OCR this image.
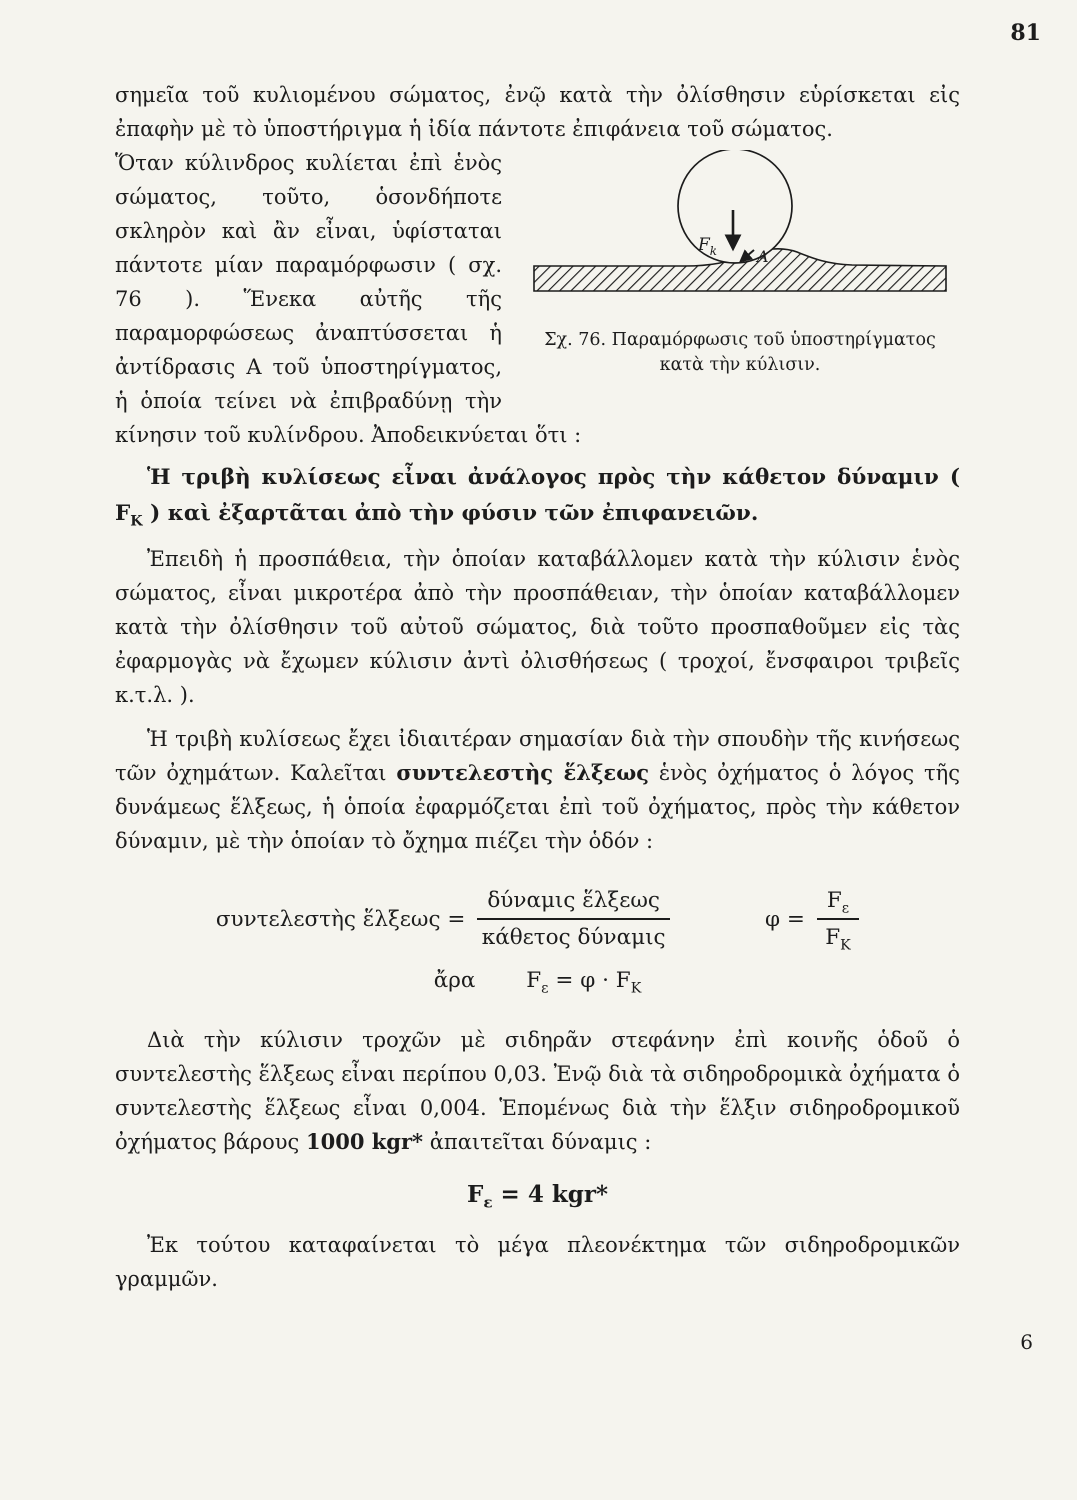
81

σημεῖα τοῦ κυλιομένου σώματος, ἐνῷ κατὰ τὴν ὀλίσθησιν εὑρίσκεται εἰς ἐπαφὴν μὲ τὸ ὑποστήριγμα ἡ ἰδία πάντοτε ἐπιφάνεια τοῦ σώματος.

$F_k$ A
Σχ. 76. Παραμόρφωσις τοῦ ὑποστηρίγματος κατὰ τὴν κύλισιν.

Ὅταν κύλινδρος κυλίεται ἐπὶ ἑνὸς σώματος, τοῦτο, ὁσονδήποτε σκληρὸν καὶ ἂν εἶναι, ὑφίσταται πάντοτε μίαν παραμόρφωσιν ( σχ. 76 ). Ἕνεκα αὐτῆς τῆς παραμορφώσεως ἀναπτύσσεται ἡ ἀντίδρασις Α τοῦ ὑποστηρίγματος, ἡ ὁποία τείνει νὰ ἐπιβραδύνῃ τὴν κίνησιν τοῦ κυλίνδρου. Ἀποδεικνύεται ὅτι :

Ἡ τριβὴ κυλίσεως εἶναι ἀνάλογος πρὸς τὴν κάθετον δύναμιν ( $F_K$ ) καὶ ἐξαρτᾶται ἀπὸ τὴν φύσιν τῶν ἐπιφανειῶν.

Ἐπειδὴ ἡ προσπάθεια, τὴν ὁποίαν καταβάλλομεν κατὰ τὴν κύλισιν ἑνὸς σώματος, εἶναι μικροτέρα ἀπὸ τὴν προσπάθειαν, τὴν ὁποίαν καταβάλλομεν κατὰ τὴν ὀλίσθησιν τοῦ αὐτοῦ σώματος, διὰ τοῦτο προσπαθοῦμεν εἰς τὰς ἐφαρμογὰς νὰ ἔχωμεν κύλισιν ἀντὶ ὀλισθήσεως ( τροχοί, ἔνσφαιροι τριβεῖς κ.τ.λ. ).

Ἡ τριβὴ κυλίσεως ἔχει ἰδιαιτέραν σημασίαν διὰ τὴν σπουδὴν τῆς κινήσεως τῶν ὀχημάτων. Καλεῖται συντελεστὴς ἕλξεως ἑνὸς ὀχήματος ὁ λόγος τῆς δυνάμεως ἕλξεως, ἡ ὁποία ἐφαρμόζεται ἐπὶ τοῦ ὀχήματος, πρὸς τὴν κάθετον δύναμιν, μὲ τὴν ὁποίαν τὸ ὄχημα πιέζει τὴν ὁδόν :

συντελεστὴς ἕλξεως = $\frac{\text{δύναμις ἕλξεως}}{\text{κάθετος δύναμις}}$	$\varphi = \frac{F_\varepsilon}{F_K}$
ἄρα $F_\varepsilon = \varphi \cdot F_K$

Διὰ τὴν κύλισιν τροχῶν μὲ σιδηρᾶν στεφάνην ἐπὶ κοινῆς ὁδοῦ ὁ συντελεστὴς ἕλξεως εἶναι περίπου 0,03. Ἐνῷ διὰ τὰ σιδηροδρομικὰ ὀχήματα ὁ συντελεστὴς ἕλξεως εἶναι 0,004. Ἑπομένως διὰ τὴν ἕλξιν σιδηροδρομικοῦ ὀχήματος βάρους 1000 kgr* ἀπαιτεῖται δύναμις :

$F_\varepsilon = 4$ kgr*

Ἐκ τούτου καταφαίνεται τὸ μέγα πλεονέκτημα τῶν σιδηροδρομικῶν γραμμῶν.

6
